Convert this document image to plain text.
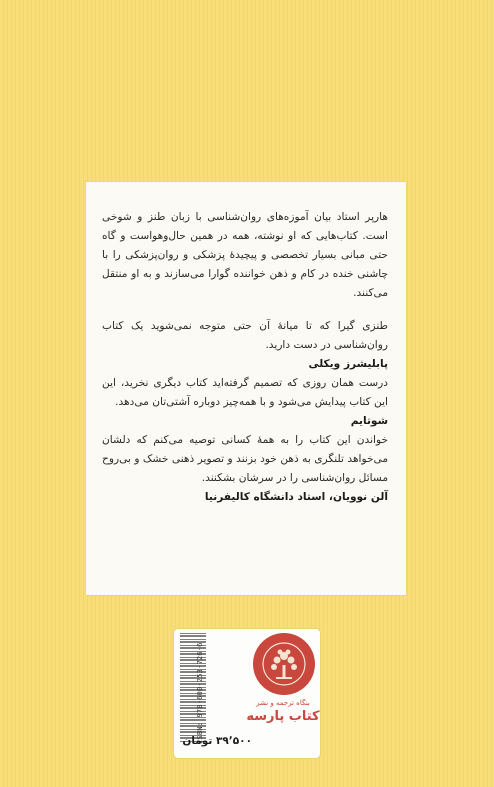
هارپر استاد بیان آموزه‌های روان‌شناسی با زبان طنز و شوخی است. کتاب‌هایی که او نوشته، همه در همین حال‌وهواست و گاه حتی مبانی بسیار تخصصی و پیچیدهٔ پزشکی و روان‌پزشکی را با چاشنی خنده در کام و ذهن خواننده گوارا می‌سازند و به او منتقل می‌کنند.

طنزی گیرا که تا میانهٔ آن حتی متوجه نمی‌شوید یک کتاب روان‌شناسی در دست دارید.

پابلیشرز ویکلی

درست همان روزی که تصمیم گرفته‌اید کتاب دیگری نخرید، این این کتاب پیدایش می‌شود و با همه‌چیز دوباره آشتی‌تان می‌دهد.

شوتایم

خواندن این کتاب را به همهٔ کسانی توصیه می‌کنم که دلشان می‌خواهد تلنگری به ذهن خود بزنند و تصویر ذهنی خشک و بی‌روح مسائل روان‌شناسی را در سرشان بشکنند.

آلن نوویان، استاد دانشگاه کالیفرنیا

ISBN: 978-600-253-726-6	بنگاه ترجمه و نشر
کتاب پارسه
۳۹٬۵۰۰ تومان
